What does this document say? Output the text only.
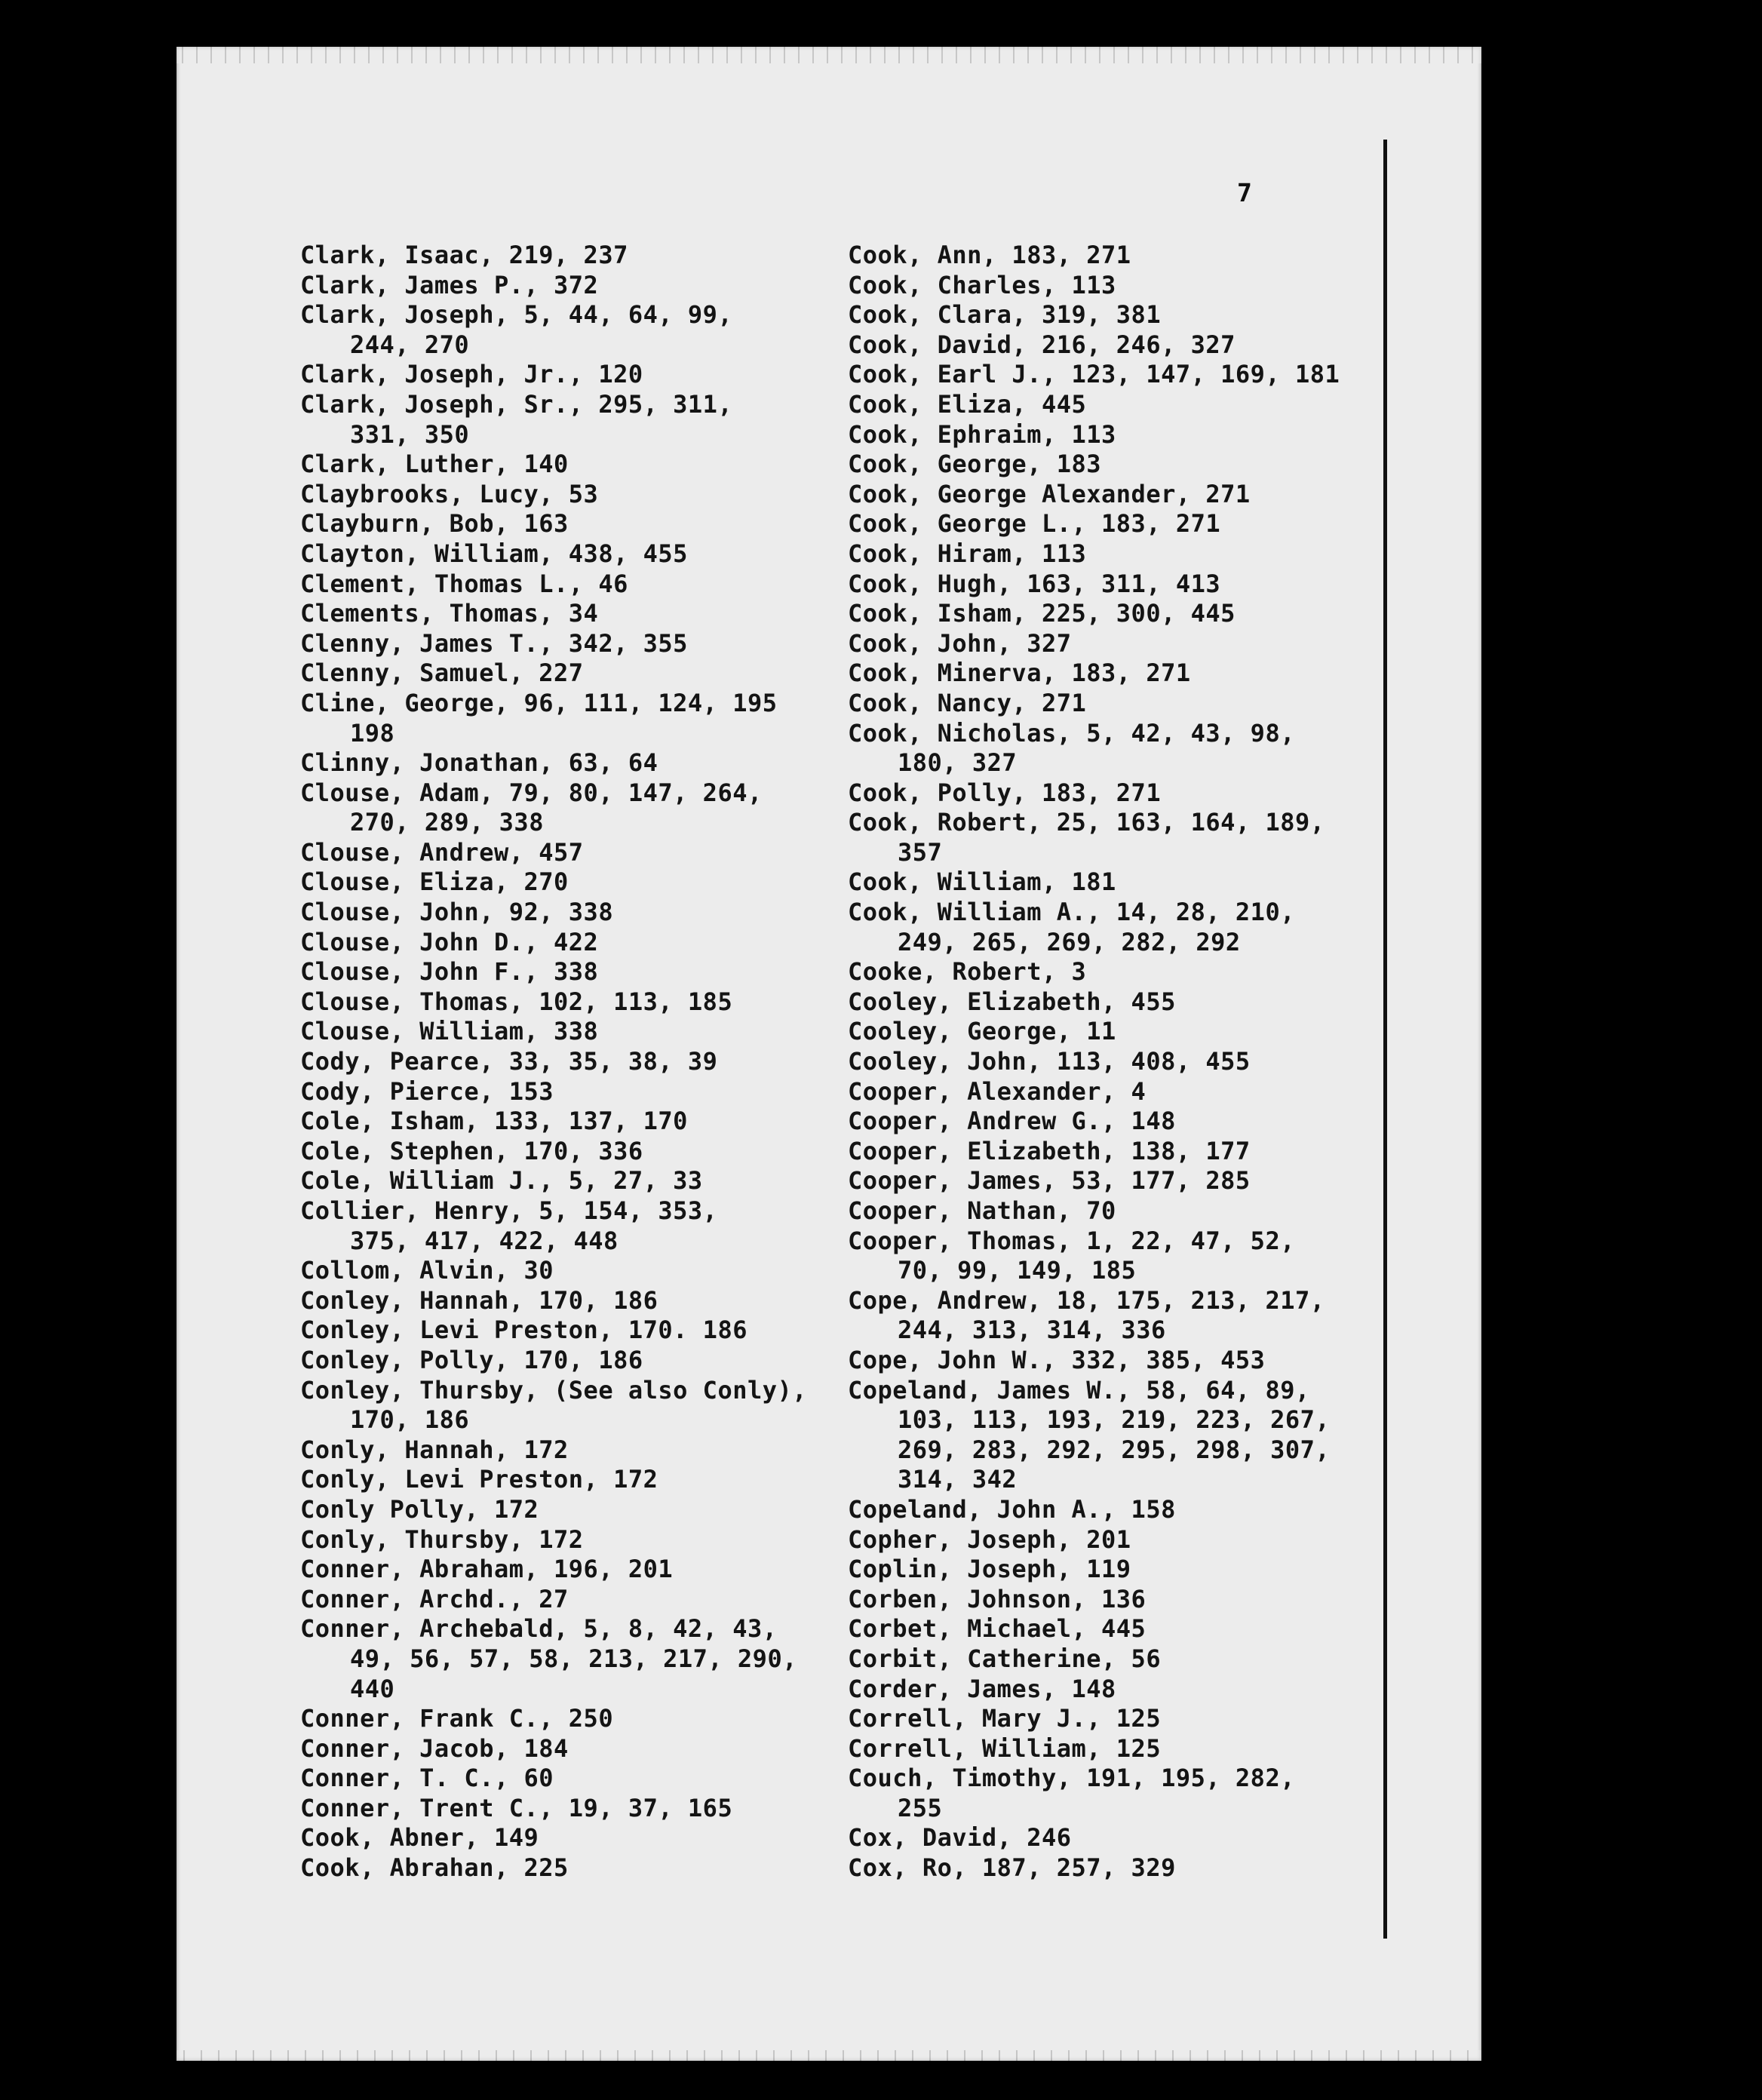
7
Clark, Isaac, 219, 237
Clark, James P., 372
Clark, Joseph, 5, 44, 64, 99,
244, 270
Clark, Joseph, Jr., 120
Clark, Joseph, Sr., 295, 311,
331, 350
Clark, Luther, 140
Claybrooks, Lucy, 53
Clayburn, Bob, 163
Clayton, William, 438, 455
Clement, Thomas L., 46
Clements, Thomas, 34
Clenny, James T., 342, 355
Clenny, Samuel, 227
Cline, George, 96, 111, 124, 195
198
Clinny, Jonathan, 63, 64
Clouse, Adam, 79, 80, 147, 264,
270, 289, 338
Clouse, Andrew, 457
Clouse, Eliza, 270
Clouse, John, 92, 338
Clouse, John D., 422
Clouse, John F., 338
Clouse, Thomas, 102, 113, 185
Clouse, William, 338
Cody, Pearce, 33, 35, 38, 39
Cody, Pierce, 153
Cole, Isham, 133, 137, 170
Cole, Stephen, 170, 336
Cole, William J., 5, 27, 33
Collier, Henry, 5, 154, 353,
375, 417, 422, 448
Collom, Alvin, 30
Conley, Hannah, 170, 186
Conley, Levi Preston, 170. 186
Conley, Polly, 170, 186
Conley, Thursby, (See also Conly),
170, 186
Conly, Hannah, 172
Conly, Levi Preston, 172
Conly Polly, 172
Conly, Thursby, 172
Conner, Abraham, 196, 201
Conner, Archd., 27
Conner, Archebald, 5, 8, 42, 43,
49, 56, 57, 58, 213, 217, 290,
440
Conner, Frank C., 250
Conner, Jacob, 184
Conner, T. C., 60
Conner, Trent C., 19, 37, 165
Cook, Abner, 149
Cook, Abrahan, 225
Cook, Ann, 183, 271
Cook, Charles, 113
Cook, Clara, 319, 381
Cook, David, 216, 246, 327
Cook, Earl J., 123, 147, 169, 181
Cook, Eliza, 445
Cook, Ephraim, 113
Cook, George, 183
Cook, George Alexander, 271
Cook, George L., 183, 271
Cook, Hiram, 113
Cook, Hugh, 163, 311, 413
Cook, Isham, 225, 300, 445
Cook, John, 327
Cook, Minerva, 183, 271
Cook, Nancy, 271
Cook, Nicholas, 5, 42, 43, 98,
180, 327
Cook, Polly, 183, 271
Cook, Robert, 25, 163, 164, 189,
357
Cook, William, 181
Cook, William A., 14, 28, 210,
249, 265, 269, 282, 292
Cooke, Robert, 3
Cooley, Elizabeth, 455
Cooley, George, 11
Cooley, John, 113, 408, 455
Cooper, Alexander, 4
Cooper, Andrew G., 148
Cooper, Elizabeth, 138, 177
Cooper, James, 53, 177, 285
Cooper, Nathan, 70
Cooper, Thomas, 1, 22, 47, 52,
70, 99, 149, 185
Cope, Andrew, 18, 175, 213, 217,
244, 313, 314, 336
Cope, John W., 332, 385, 453
Copeland, James W., 58, 64, 89,
103, 113, 193, 219, 223, 267,
269, 283, 292, 295, 298, 307,
314, 342
Copeland, John A., 158
Copher, Joseph, 201
Coplin, Joseph, 119
Corben, Johnson, 136
Corbet, Michael, 445
Corbit, Catherine, 56
Corder, James, 148
Correll, Mary J., 125
Correll, William, 125
Couch, Timothy, 191, 195, 282,
255
Cox, David, 246
Cox, Ro, 187, 257, 329
